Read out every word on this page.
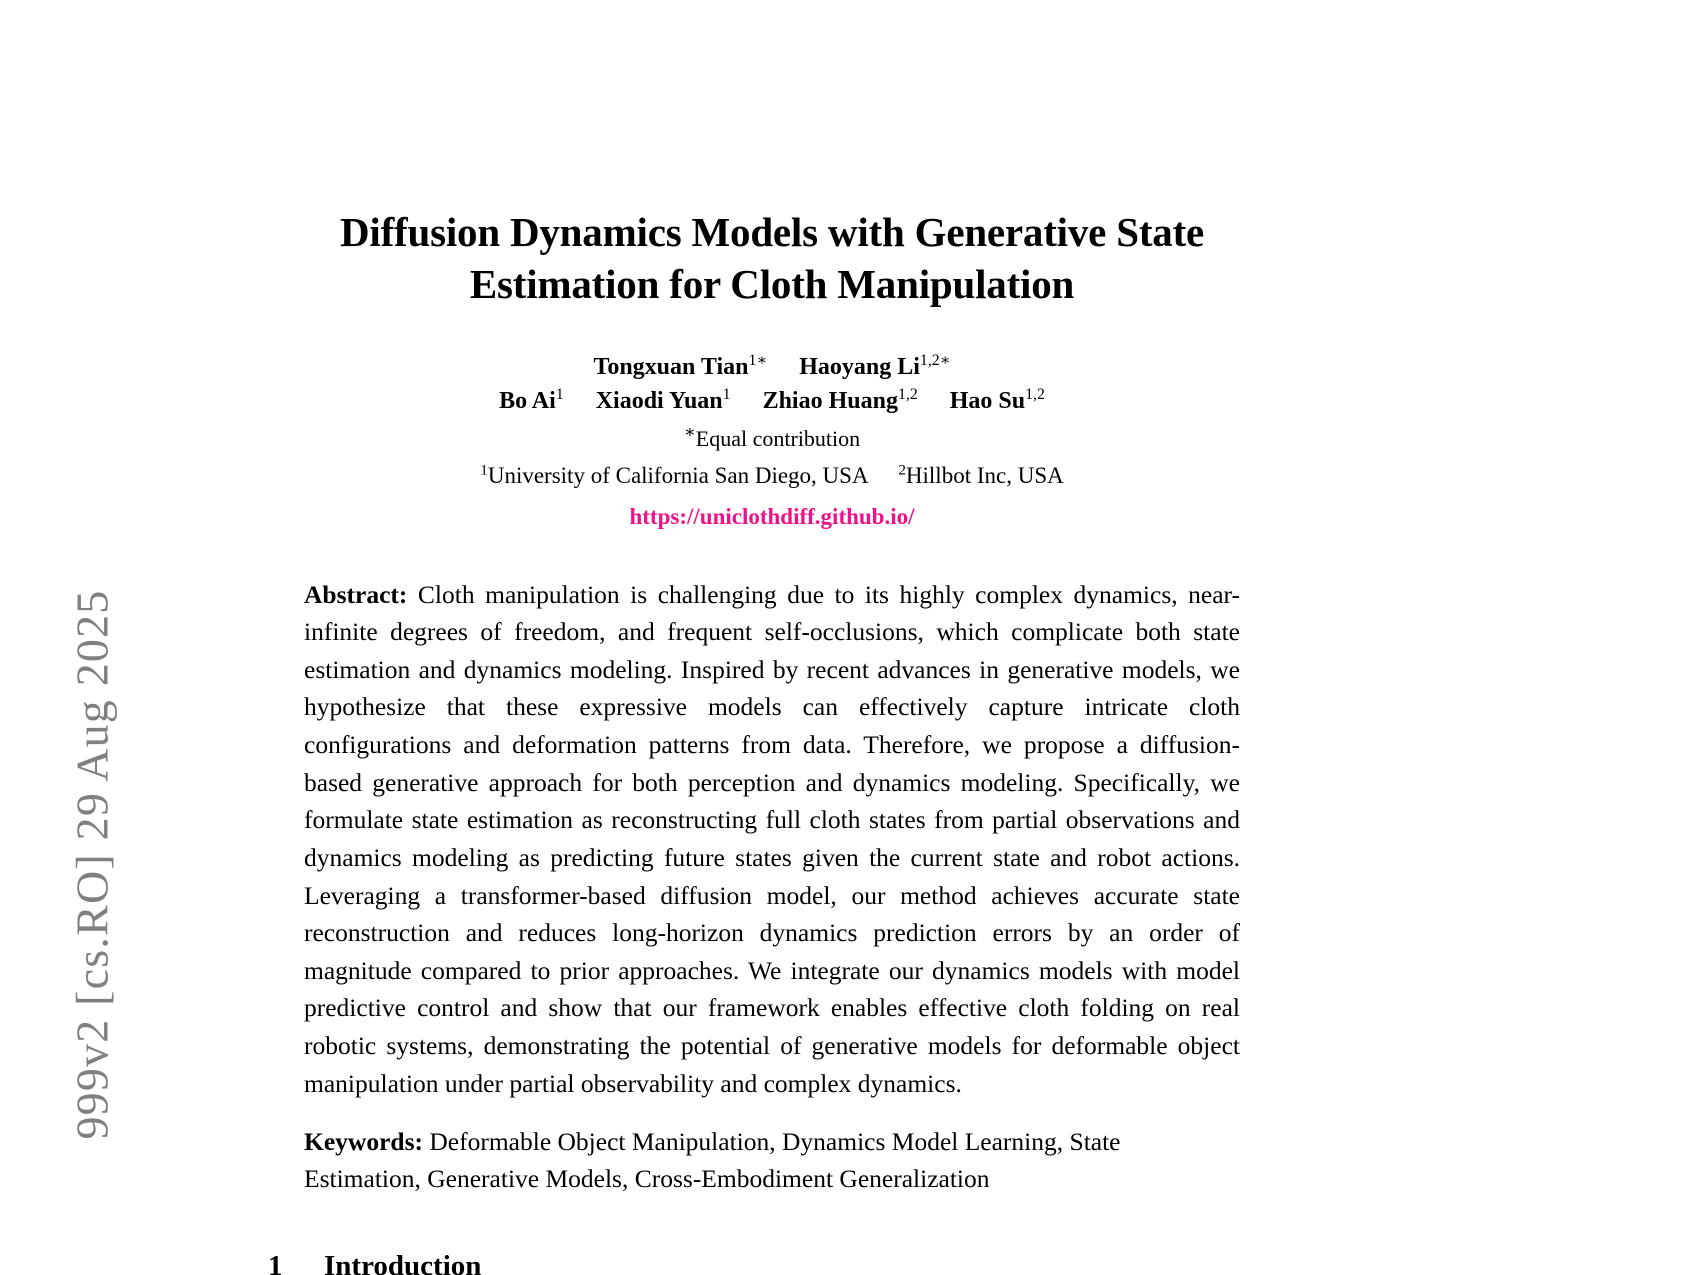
999v2 [cs.RO] 29 Aug 2025
Diffusion Dynamics Models with Generative State
Estimation for Cloth Manipulation
Tongxuan Tian$^{1∗}$ Haoyang $Li^{1,2∗}$
Bo Ai$^1$ Xiaodi Yuan$^1$ Zhiao Huang$^{1,2}$ Hao Su$^{1,2}$
∗Equal contribution
$^1$University of California San Diego, USA $^2$Hillbot Inc, USA
https://uniclothdiff.github.io/

Abstract: Cloth manipulation is challenging due to its highly complex dynamics, near-infinite degrees of freedom, and frequent self-occlusions, which complicate both state estimation and dynamics modeling. Inspired by recent advances in generative models, we hypothesize that these expressive models can effectively capture intricate cloth configurations and deformation patterns from data. Therefore, we propose a diffusion-based generative approach for both perception and dynamics modeling. Specifically, we formulate state estimation as reconstructing full cloth states from partial observations and dynamics modeling as predicting future states given the current state and robot actions. Leveraging a transformer-based diffusion model, our method achieves accurate state reconstruction and reduces long-horizon dynamics prediction errors by an order of magnitude compared to prior approaches. We integrate our dynamics models with model predictive control and show that our framework enables effective cloth folding on real robotic systems, demonstrating the potential of generative models for deformable object manipulation under partial observability and complex dynamics.

Keywords: Deformable Object Manipulation, Dynamics Model Learning, State Estimation, Generative Models, Cross-Embodiment Generalization

1 Introduction
